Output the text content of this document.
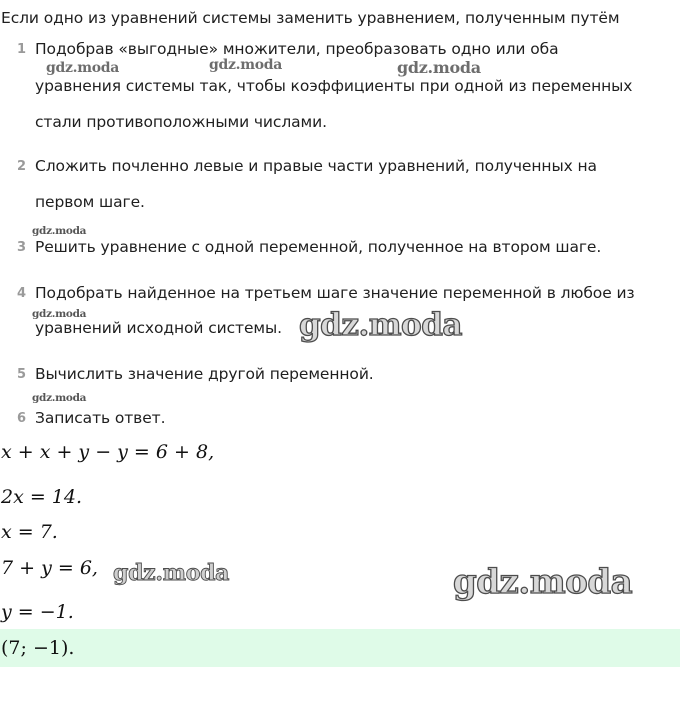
Если одно из уравнений системы заменить уравнением, полученным путём
1 Подобрав «выгодные» множители, преобразовать одно или оба
уравнения системы так, чтобы коэффициенты при одной из переменных
стали противоположными числами.
2 Сложить почленно левые и правые части уравнений, полученных на
первом шаге.
3 Решить уравнение с одной переменной, полученное на втором шаге.
4 Подобрать найденное на третьем шаге значение переменной в любое из
уравнений исходной системы.
5 Вычислить значение другой переменной.
6 Записать ответ.
x + x + y − y = 6 + 8,
2x = 14.
x = 7.
7 + y = 6,
y = −1.
(7; −1).
gdz.moda	gdz.moda	gdz.moda
gdz.moda
gdz.moda	gdz.moda
gdz.moda
gdz.moda	gdz.moda
